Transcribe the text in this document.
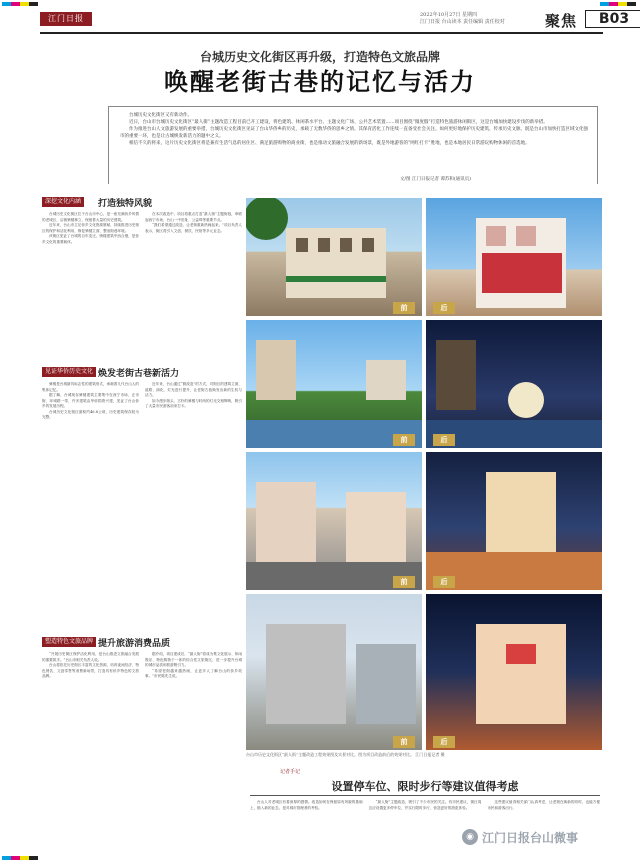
江门日报	2022年10月27日 星期四
江门日报 台山读本 责任编辑 责任校对	聚焦	B03
台城历史文化街区再升级，打造特色文旅品牌
唤醒老街古巷的记忆与活力

台城历史文化街区又有新动作。

近日，台山市台城历史文化街区“最人街”主题改造工程目前已开工建设，将色建筑、休闲茶水平台、主题文化广场、公共艺术装置……项目围绕“微度假”打造特色旅游休闲街区，这是台城加快建设步伐的新举措。

作为推进台山人文旅游发展的重要举措，台城历史文化街区见证了台山华侨乡的历史，承载了无数华侨的思乡之情。其保育活化工作连续一直备受社会关注。如何更好地保护历史建筑、传承历史文脉，既是台山市加快打造区域文化强市的重要一环，也是让古城焕发新活力的题中之义。

相信不久的将来，这片历史文化街区将是兼有生活气息的居住区、满足旅游购物的商业街，也是推动文旅融合发展的新场景，既是外地游客的“网红打卡”胜地，也是本地居民日常游玩购物休闲的首选地。

文/图 江门日报记者 谭苏和(通讯员)
深挖文化内涵	打造独特风貌

台城历史文化街区位于台山市中心，是一座充满侨乡风情的老城区，沿街骑楼林立，保留着大量的历史建筑。

近年来，台山市立足侨乡文化资源禀赋，持续推进历史街区的保护和活化利用，修复骑楼立面、整治街巷环境。

该街区见证了台城的百年变迁，骑楼建筑中西合璧，是侨乡文化的重要载体。

在本次改造中，项目将重点打造“最人街”主题街巷，串联起西宁市场、台山一中旧址、公益埠等重要节点。

“我们希望通过改造，让老街重新热闹起来。”项目负责人表示，街区将引入文创、餐饮、民宿等多元业态。

见证华侨历史文化 焕发老街古巷新活力

骑楼是台城最具标志性的建筑形式，承载着几代台山人的集体记忆。

据了解，台城现存骑楼建筑主要集中在西宁市场、正市街、环城路一带，许多建筑由华侨捐资兴建，见证了台山侨乡的发展历程。

台城历史文化街区面积约46.8公顷，历史建筑保存较为完整。

近年来，台山通过“微改造”的方式，对街区的建筑立面、道路、绿化、灯光进行提升，让老街古巷焕发出新的生机与活力。

如今漫步街头，古朴的骑楼与时尚的灯光交相辉映，吸引了大量市民游客前来打卡。

塑造特色文旅品牌 提升旅游消费品质

“开展历史街区保护活化利用，是台山推进文旅融合发展的重要抓手。”台山市相关负责人说。

台山将依托历史街区丰富的文化资源，培育夜间经济、特色餐饮、文创零售等消费新场景，打造具有侨乡特色的文旅品牌。

据介绍，项目建成后，“最人街”将成为集文化展示、休闲娱乐、特色购物于一体的综合性文旅街区，进一步提升台城的城市品质和旅游吸引力。

“希望老街越来越热闹，让更多人了解台山的侨乡故事。”市民陈先生说。

前	后
前	后
前	后
前	后
台山市历史文化街区“最人街”主题改造工程效果图及实景对比。图为项目改造前后的效果对比。 江门日报记者 摄
记者手记
设置停车位、限时步行等建议值得考虑

台山人对老城区有着深厚的感情。改造如何在保留原有风貌的基础上，植入新的业态，是对城市管理者的考验。

“最人街”主题改造，吸引了不少市民的关注。有市民建议，街区周边应设置更多停车位，并实行限时步行，营造更好的游览体验。

这些建议值得相关部门认真考虑，让老街在焕新的同时，也能方便市民和游客出行。

◉ 江门日报台山微事
